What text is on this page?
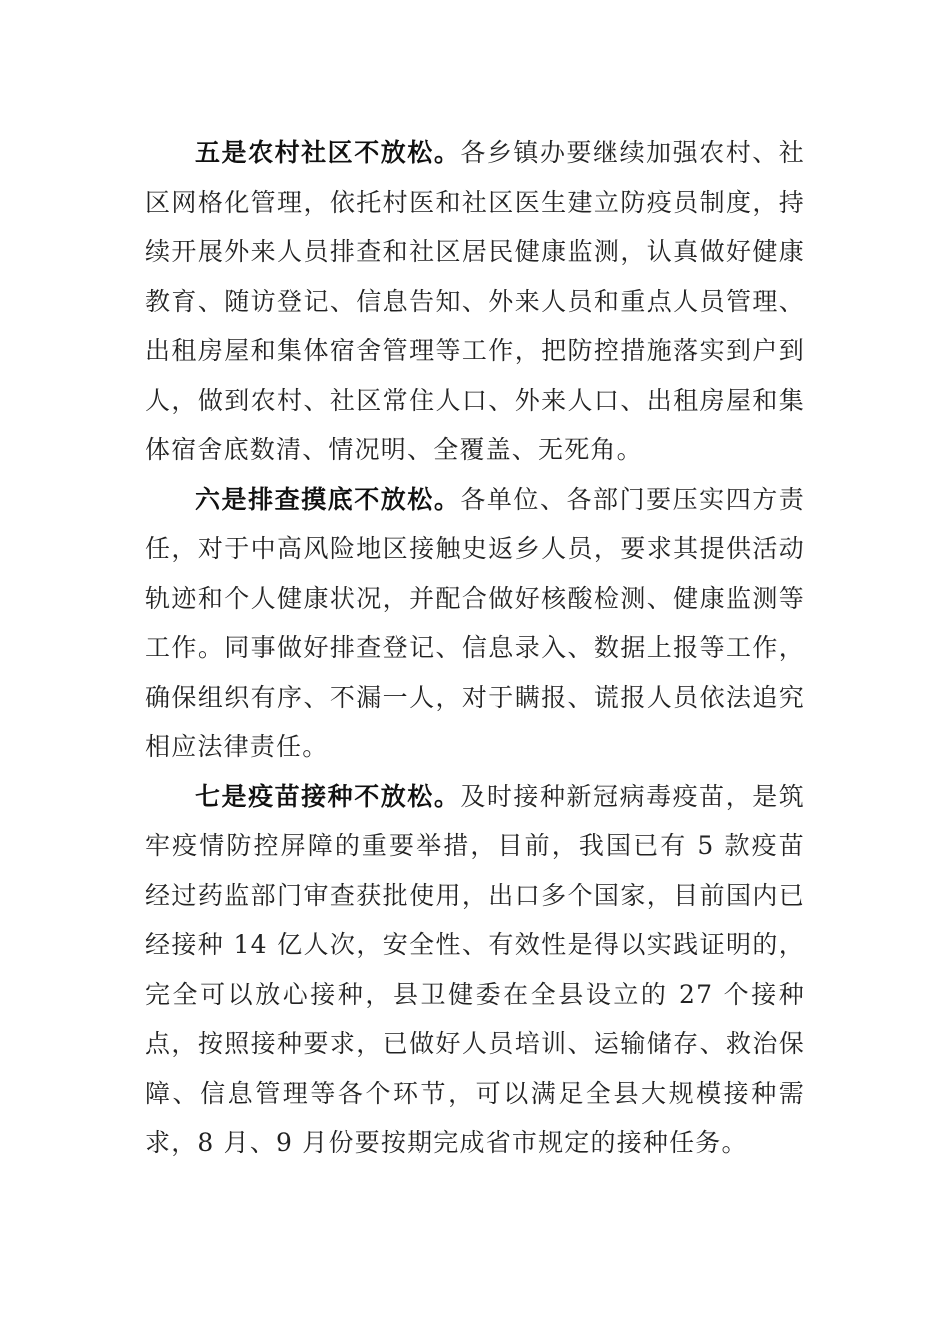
五是农村社区不放松。各乡镇办要继续加强农村、社区网格化管理，依托村医和社区医生建立防疫员制度，持续开展外来人员排查和社区居民健康监测，认真做好健康教育、随访登记、信息告知、外来人员和重点人员管理、出租房屋和集体宿舍管理等工作，把防控措施落实到户到人，做到农村、社区常住人口、外来人口、出租房屋和集体宿舍底数清、情况明、全覆盖、无死角。

六是排查摸底不放松。各单位、各部门要压实四方责任，对于中高风险地区接触史返乡人员，要求其提供活动轨迹和个人健康状况，并配合做好核酸检测、健康监测等工作。同事做好排查登记、信息录入、数据上报等工作，确保组织有序、不漏一人，对于瞒报、谎报人员依法追究相应法律责任。

七是疫苗接种不放松。及时接种新冠病毒疫苗，是筑牢疫情防控屏障的重要举措，目前，我国已有 5 款疫苗经过药监部门审查获批使用，出口多个国家，目前国内已经接种 14 亿人次，安全性、有效性是得以实践证明的，完全可以放心接种，县卫健委在全县设立的 27 个接种点，按照接种要求，已做好人员培训、运输储存、救治保障、信息管理等各个环节，可以满足全县大规模接种需求，8 月、9 月份要按期完成省市规定的接种任务。
